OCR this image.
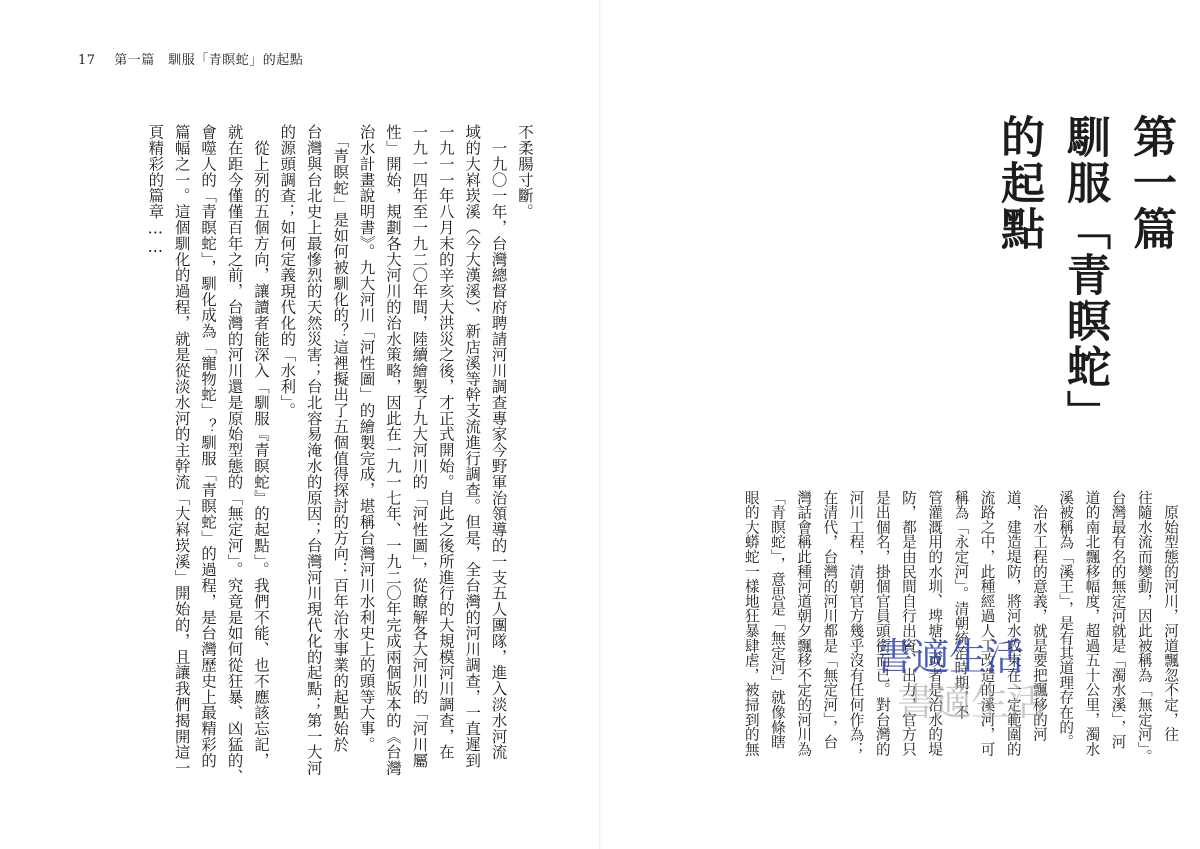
17 第一篇　馴服「青瞑蛇」的起點
不柔腸寸斷。
　一九〇一年，台灣總督府聘請河川調查專家今野軍治領導的一支五人團隊，進入淡水河流
域的大嵙崁溪（今大漢溪）、新店溪等幹支流進行調查。但是，全台灣的河川調查，一直遲到
一九一一年八月末的辛亥大洪災之後，才正式開始。自此之後所進行的大規模河川調查，在
一九一四年至一九二〇年間，陸續繪製了九大河川的「河性圖」，從瞭解各大河川的「河川屬
性」開始，規劃各大河川的治水策略，因此在一九一七年、一九二〇年完成兩個版本的《台灣
治水計畫說明書》。九大河川「河性圖」的繪製完成，堪稱台灣河川水利史上的頭等大事。
　「青瞑蛇」是如何被馴化的？這裡擬出了五個值得探討的方向：百年治水事業的起點始於
台灣與台北史上最慘烈的天然災害；台北容易淹水的原因；台灣河川現代化的起點；第一大河
的源頭調查；如何定義現代化的「水利」。
　從上列的五個方向，讓讀者能深入「馴服『青瞑蛇』的起點」。我們不能、也不應該忘記，
就在距今僅僅百年之前，台灣的河川還是原始型態的「無定河」。究竟是如何從狂暴、凶猛的、
會噬人的「青瞑蛇」，馴化成為「寵物蛇」？馴服「青瞑蛇」的過程，是台灣歷史上最精彩的
篇幅之一。這個馴化的過程，就是從淡水河的主幹流「大嵙崁溪」開始的，且讓我們揭開這一
頁精彩的篇章……	第一篇
馴服「青瞑蛇」
的起點
　原始型態的河川，河道飄忽不定，往
往隨水流而變動，因此被稱為「無定河」。
台灣最有名的無定河就是「濁水溪」，河
道的南北飄移幅度，超過五十公里，濁水
溪被稱為「溪王」，是有其道理存在的。
　治水工程的意義，就是要把飄移的河
道，建造堤防，將河水收束在一定範圍的
流路之中，此種經過人工改造的溪河，可
稱為「永定河」。清朝統治時期，不
管灌溉用的水圳、埤塘，或者是治水的堤
防，都是由民間自行出資、出力，官方只
是出個名，掛個官員頭銜而已。對台灣的
河川工程，清朝官方幾乎沒有任何作為；
在清代，台灣的河川都是「無定河」，台
灣話會稱此種河道朝夕飄移不定的河川為
「青瞑蛇」，意思是「無定河」就像條瞎
眼的大蟒蛇一樣地狂暴肆虐，被掃到的無	書適生活
書適生活
